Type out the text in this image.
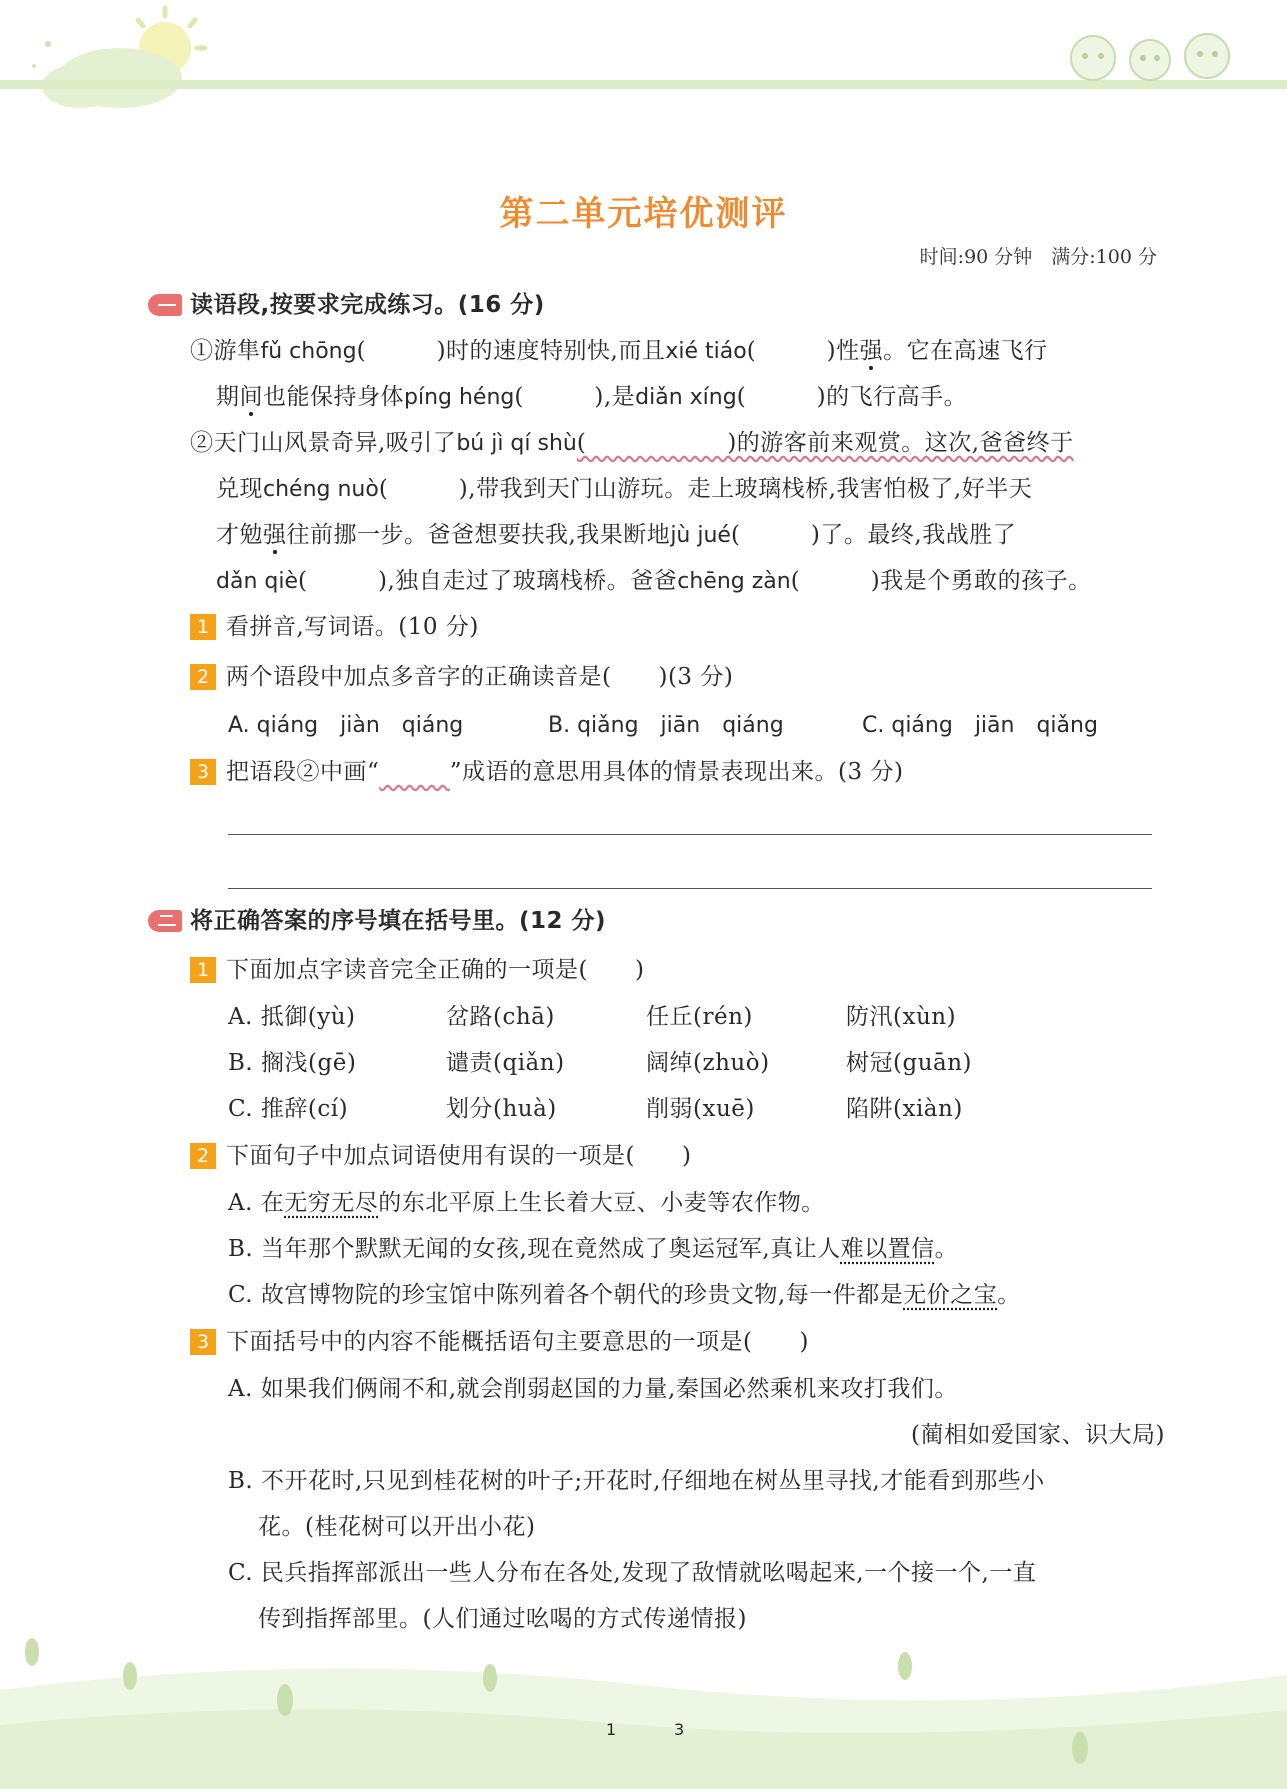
第二单元培优测评
时间:90 分钟　满分:100 分
读语段,按要求完成练习。(16 分)
①游隼fǔ chōng(　　　)时的速度特别快,而且xié tiáo(　　　)性强。它在高速飞行
期间也能保持身体píng héng(　　　),是diǎn xíng(　　　)的飞行高手。
②天门山风景奇异,吸引了bú jì qí shù(　　　　　　)的游客前来观赏。这次,爸爸终于
兑现chéng nuò(　　　),带我到天门山游玩。走上玻璃栈桥,我害怕极了,好半天
才勉强往前挪一步。爸爸想要扶我,我果断地jù jué(　　　)了。最终,我战胜了
dǎn qiè(　　　),独自走过了玻璃栈桥。爸爸chēng zàn(　　　)我是个勇敢的孩子。
1 看拼音,写词语。(10 分)
2 两个语段中加点多音字的正确读音是(　　)(3 分)
A. qiáng　jiàn　qiáng	B. qiǎng　jiān　qiáng	C. qiáng　jiān　qiǎng
3 把语段②中画“　　　	”成语的意思用具体的情景表现出来。(3 分)
将正确答案的序号填在括号里。(12 分)
1 下面加点字读音完全正确的一项是(　　)
A. 抵御(yù)	岔路(chā)	任丘(rén)	防汛(xùn)
B. 搁浅(gē)	谴责(qiǎn)	阔绰(zhuò)	树冠(guān)
C. 推辞(cí)	划分(huà)	削弱(xuē)	陷阱(xiàn)
2 下面句子中加点词语使用有误的一项是(　　)
A. 在无穷无尽的东北平原上生长着大豆、小麦等农作物。
B. 当年那个默默无闻的女孩,现在竟然成了奥运冠军,真让人难以置信。
C. 故宫博物院的珍宝馆中陈列着各个朝代的珍贵文物,每一件都是无价之宝。
3 下面括号中的内容不能概括语句主要意思的一项是(　　)
A. 如果我们俩闹不和,就会削弱赵国的力量,秦国必然乘机来攻打我们。
(蔺相如爱国家、识大局)
B. 不开花时,只见到桂花树的叶子;开花时,仔细地在树丛里寻找,才能看到那些小
花。(桂花树可以开出小花)
C. 民兵指挥部派出一些人分布在各处,发现了敌情就吆喝起来,一个接一个,一直
传到指挥部里。(人们通过吆喝的方式传递情报)
1	3
